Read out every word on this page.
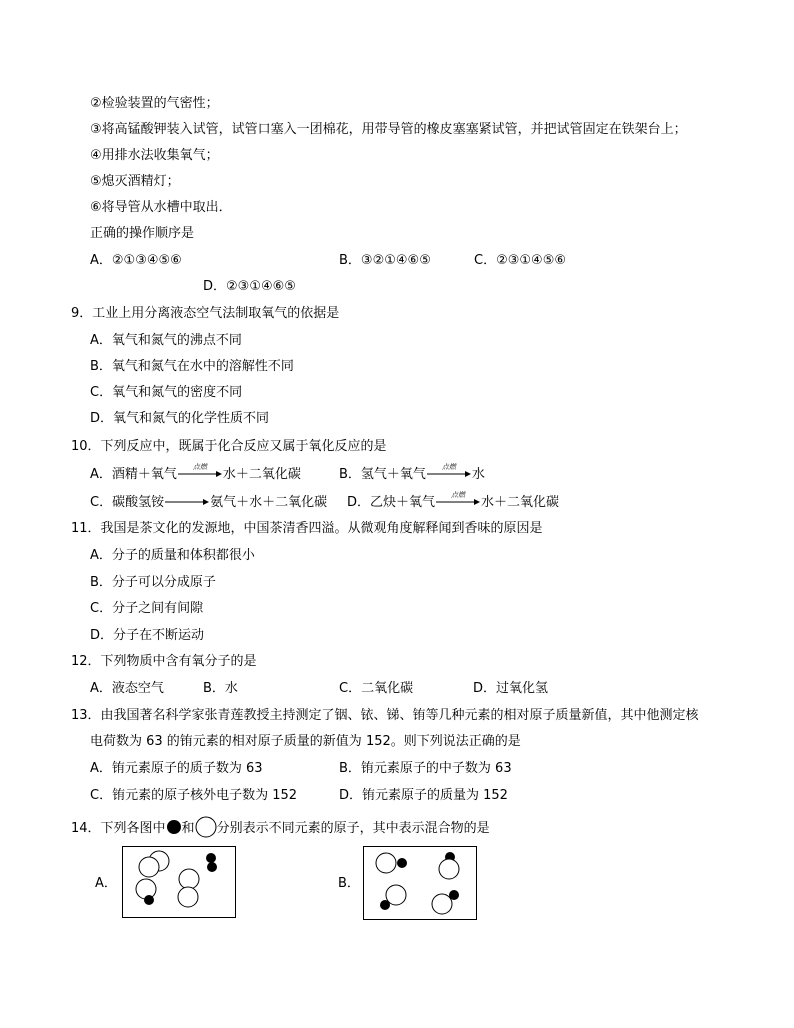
②检验装置的气密性；
③将高锰酸钾装入试管，试管口塞入一团棉花，用带导管的橡皮塞塞紧试管，并把试管固定在铁架台上；
④用排水法收集氧气；
⑤熄灭酒精灯；
⑥将导管从水槽中取出．
正确的操作顺序是
A．②①③④⑤⑥	B．③②①④⑥⑤	C．②③①④⑤⑥
D．②③①④⑥⑤
9．工业上用分离液态空气法制取氧气的依据是
A．氧气和氮气的沸点不同
B．氧气和氮气在水中的溶解性不同
C．氧气和氮气的密度不同
D．氧气和氮气的化学性质不同
10．下列反应中，既属于化合反应又属于氧化反应的是
A．酒精＋氧气	点燃	水＋二氧化碳	B．氢气＋氧气	点燃	水
C．碳酸氢铵→氨气＋水＋二氧化碳 D．乙炔＋氧气	点燃	水＋二氧化碳
11．我国是茶文化的发源地，中国茶清香四溢。从微观角度解释闻到香味的原因是
A．分子的质量和体积都很小
B．分子可以分成原子
C．分子之间有间隙
D．分子在不断运动
12．下列物质中含有氧分子的是
A．液态空气	B．水	C．二氧化碳	D．过氧化氢
13．由我国著名科学家张青莲教授主持测定了铟、铱、锑、铕等几种元素的相对原子质量新值，其中他测定核
电荷数为 63 的铕元素的相对原子质量的新值为 152。则下列说法正确的是
A．铕元素原子的质子数为 63	B．铕元素原子的中子数为 63
C．铕元素的原子核外电子数为 152	D．铕元素原子的质量为 152
14．下列各图中 和 分别表示不同元素的原子，其中表示混合物的是
A．	B．
